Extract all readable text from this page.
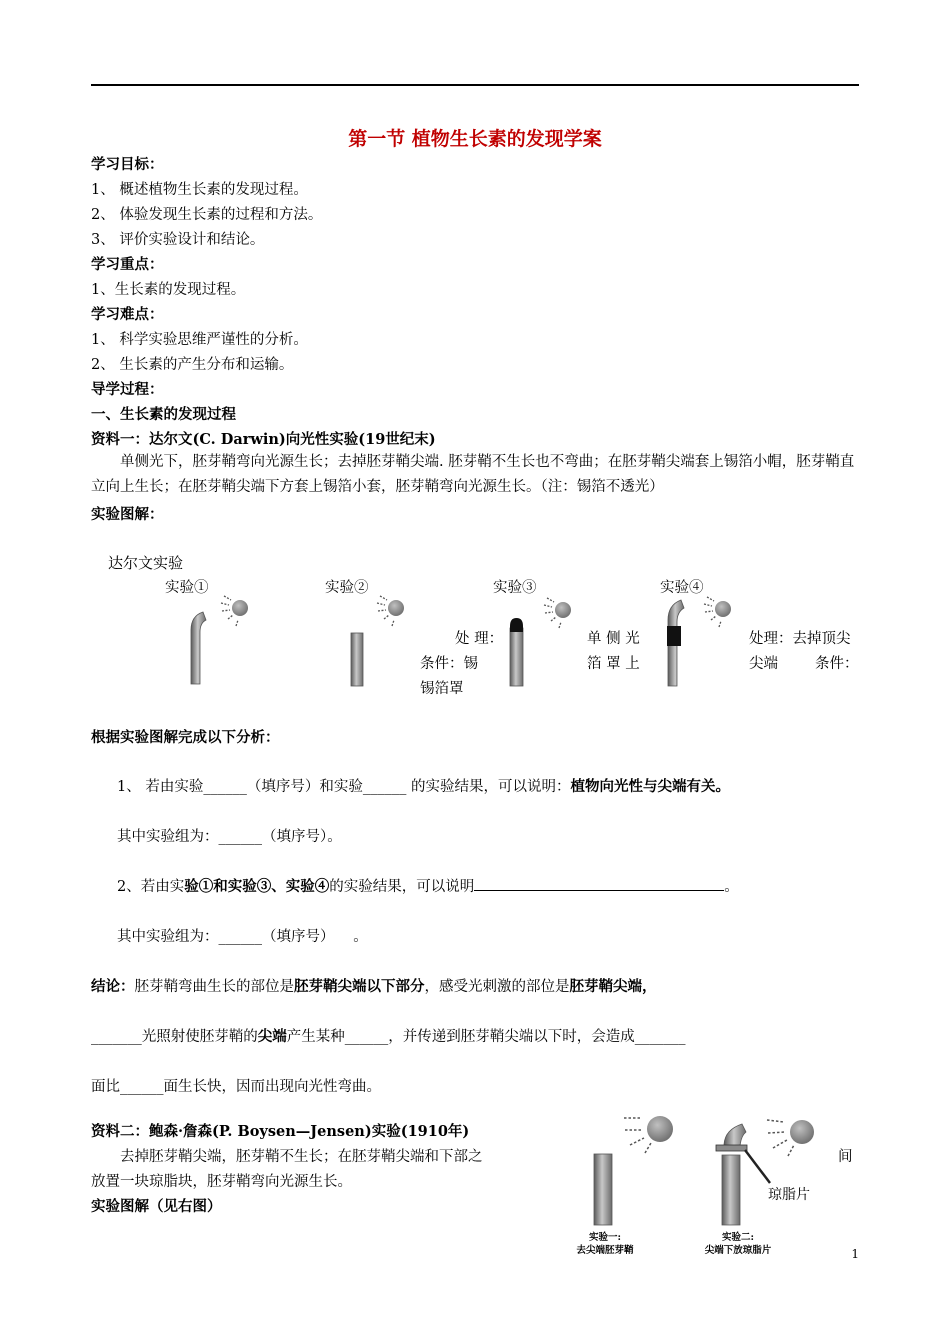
第一节 植物生长素的发现学案
学习目标：
1、 概述植物生长素的发现过程。
2、 体验发现生长素的过程和方法。
3、 评价实验设计和结论。
学习重点：
1、生长素的发现过程。
学习难点：
1、 科学实验思维严谨性的分析。
2、 生长素的产生分布和运输。
导学过程：
一、生长素的发现过程
资料一：达尔文(C. Darwin)向光性实验(19世纪末)
单侧光下，胚芽鞘弯向光源生长；去掉胚芽鞘尖端. 胚芽鞘不生长也不弯曲；在胚芽鞘尖端套上锡箔小帽，胚芽鞘直立向上生长；在胚芽鞘尖端下方套上锡箔小套，胚芽鞘弯向光源生长。（注：锡箔不透光）
实验图解：
达尔文实验
实验①	实验②	实验③	实验④
处 理：
条件：锡
锡箔罩
单 侧 光
箔 罩 上
处理：去掉顶尖
尖端	条件：
根据实验图解完成以下分析：
1、 若由实验______（填序号）和实验______ 的实验结果，可以说明：植物向光性与尖端有关。
其中实验组为：______（填序号）。
2、若由实验①和实验③、实验④的实验结果，可以说明	。
其中实验组为：______（填序号） 。
结论：胚芽鞘弯曲生长的部位是胚芽鞘尖端以下部分，感受光刺激的部位是胚芽鞘尖端，
_______光照射使胚芽鞘的尖端产生某种______，并传递到胚芽鞘尖端以下时，会造成_______
面比______面生长快，因而出现向光性弯曲。
资料二：鲍森·詹森(P. Boysen—Jensen)实验(1910年)
去掉胚芽鞘尖端，胚芽鞘不生长；在胚芽鞘尖端和下部之	间
放置一块琼脂块，胚芽鞘弯向光源生长。
实验图解（见右图）
琼脂片
实验一:
去尖端胚芽鞘
实验二:
尖端下放琼脂片	1
